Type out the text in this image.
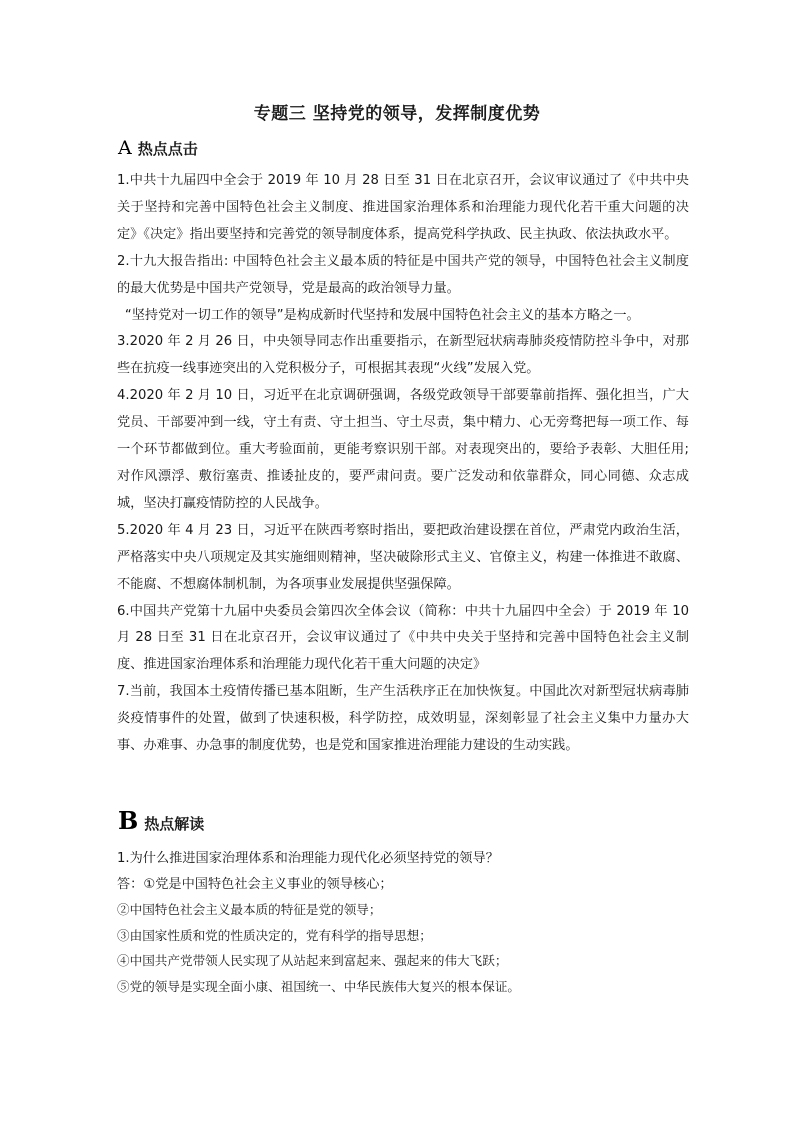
专题三 坚持党的领导，发挥制度优势
A 热点点击

1.中共十九届四中全会于 2019 年 10 月 28 日至 31 日在北京召开，会议审议通过了《中共中央关于坚持和完善中国特色社会主义制度、推进国家治理体系和治理能力现代化若干重大问题的决定》《决定》指出要坚持和完善党的领导制度体系，提高党科学执政、民主执政、依法执政水平。

2.十九大报告指出: 中国特色社会主义最本质的特征是中国共产党的领导，中国特色社会主义制度的最大优势是中国共产党领导，党是最高的政治领导力量。

“坚持党对一切工作的领导”是构成新时代坚持和发展中国特色社会主义的基本方略之一。

3.2020 年 2 月 26 日，中央领导同志作出重要指示，在新型冠状病毒肺炎疫情防控斗争中，对那些在抗疫一线事迹突出的入党积极分子，可根据其表现“火线”发展入党。

4.2020 年 2 月 10 日，习近平在北京调研强调，各级党政领导干部要靠前指挥、强化担当，广大党员、干部要冲到一线，守土有责、守土担当、守土尽责，集中精力、心无旁骛把每一项工作、每一个环节都做到位。重大考验面前，更能考察识别干部。对表现突出的，要给予表彰、大胆任用; 对作风漂浮、敷衍塞责、推诿扯皮的，要严肃问责。要广泛发动和依靠群众，同心同德、众志成城，坚决打赢疫情防控的人民战争。

5.2020 年 4 月 23 日，习近平在陕西考察时指出，要把政治建设摆在首位，严肃党内政治生活，严格落实中央八项规定及其实施细则精神，坚决破除形式主义、官僚主义，构建一体推进不敢腐、不能腐、不想腐体制机制，为各项事业发展提供坚强保障。

6.中国共产党第十九届中央委员会第四次全体会议（简称：中共十九届四中全会）于 2019 年 10 月 28 日至 31 日在北京召开，会议审议通过了《中共中央关于坚持和完善中国特色社会主义制度、推进国家治理体系和治理能力现代化若干重大问题的决定》

7.当前，我国本土疫情传播已基本阻断，生产生活秩序正在加快恢复。中国此次对新型冠状病毒肺炎疫情事件的处置，做到了快速积极，科学防控，成效明显，深刻彰显了社会主义集中力量办大事、办难事、办急事的制度优势，也是党和国家推进治理能力建设的生动实践。

B 热点解读

1.为什么推进国家治理体系和治理能力现代化必须坚持党的领导？

答：①党是中国特色社会主义事业的领导核心；

②中国特色社会主义最本质的特征是党的领导；

③由国家性质和党的性质决定的，党有科学的指导思想；

④中国共产党带领人民实现了从站起来到富起来、强起来的伟大飞跃；

⑤党的领导是实现全面小康、祖国统一、中华民族伟大复兴的根本保证。
